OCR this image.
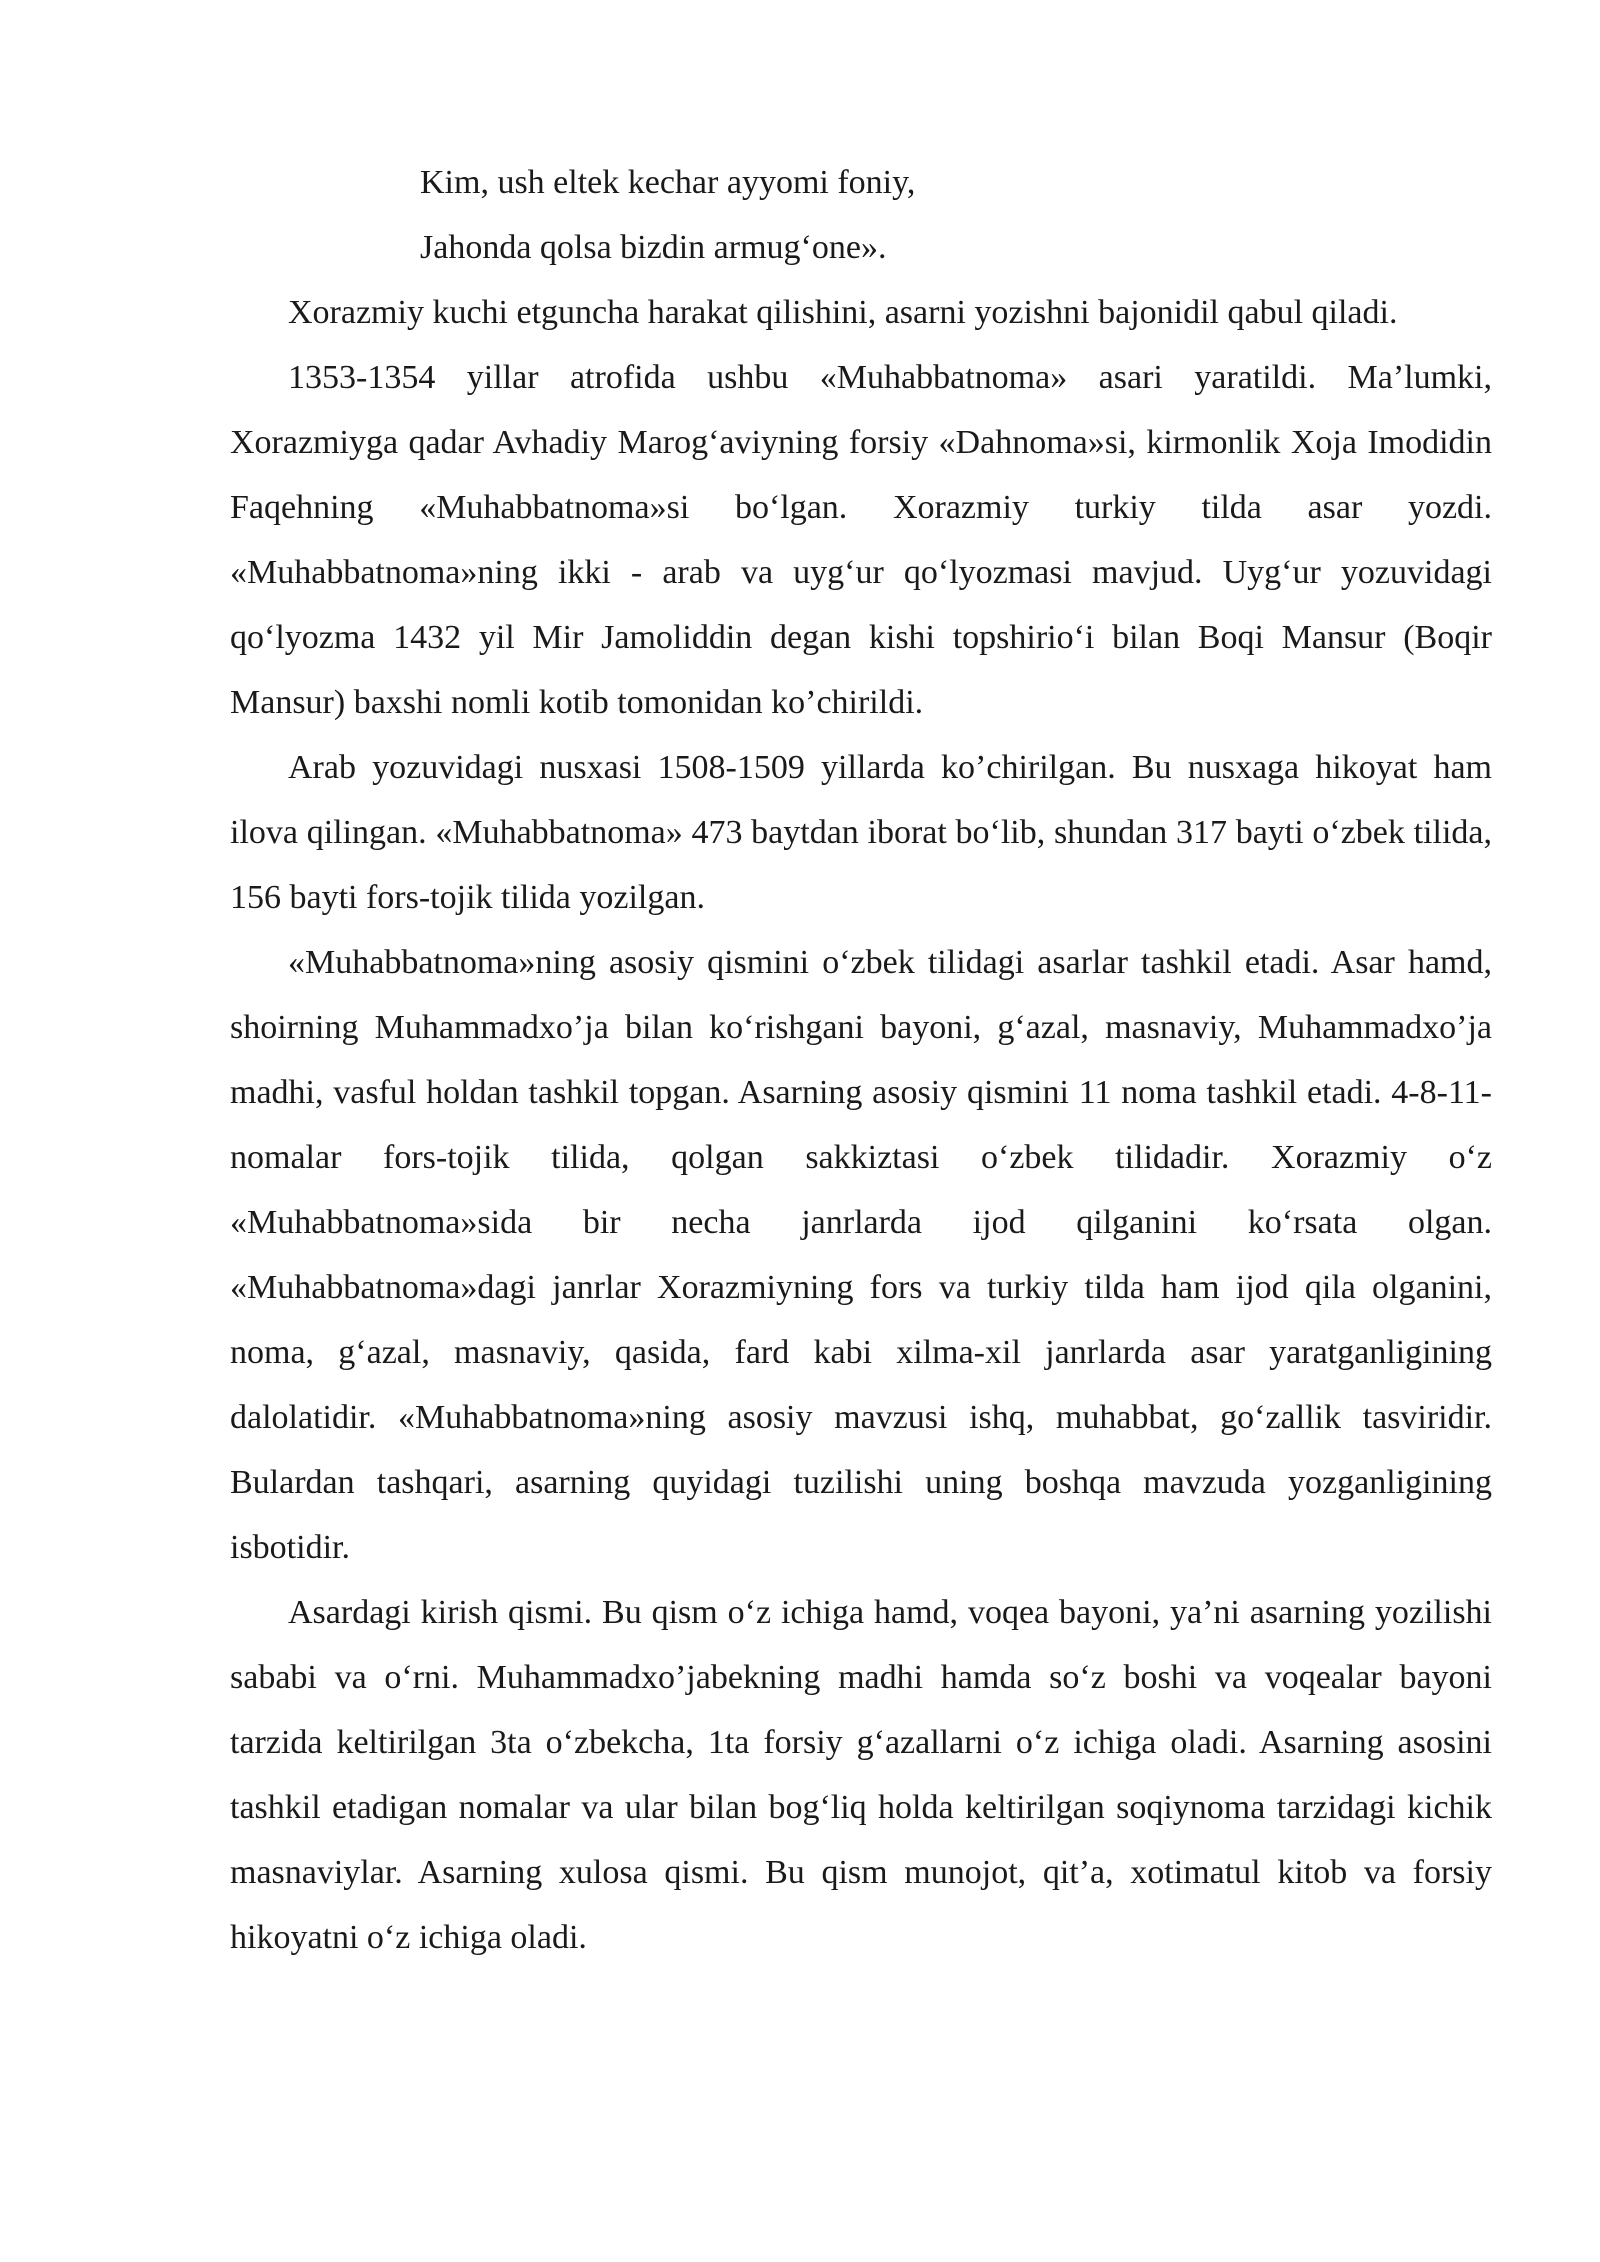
Kim, ush eltek kechar ayyomi foniy,

Jahonda qolsa bizdin armug‘one».

Xorazmiy kuchi etguncha harakat qilishini, asarni yozishni bajonidil qabul qiladi.

1353-1354 yillar atrofida ushbu «Muhabbatnoma» asari yaratildi. Ma’lumki, Xorazmiyga qadar Avhadiy Marog‘aviyning forsiy «Dahnoma»si, kirmonlik Xoja Imodidin Faqehning «Muhabbatnoma»si bo‘lgan. Xorazmiy turkiy tilda asar yozdi. «Muhabbatnoma»ning ikki - arab va uyg‘ur qo‘lyozmasi mavjud. Uyg‘ur yozuvidagi qo‘lyozma 1432 yil Mir Jamoliddin degan kishi topshirio‘i bilan Boqi Mansur (Boqir Mansur) baxshi nomli kotib tomonidan ko’chirildi.

Arab yozuvidagi nusxasi 1508-1509 yillarda ko’chirilgan. Bu nusxaga hikoyat ham ilova qilingan. «Muhabbatnoma» 473 baytdan iborat bo‘lib, shundan 317 bayti o‘zbek tilida, 156 bayti fors-tojik tilida yozilgan.

«Muhabbatnoma»ning asosiy qismini o‘zbek tilidagi asarlar tashkil etadi. Asar hamd, shoirning Muhammadxo’ja bilan ko‘rishgani bayoni, g‘azal, masnaviy, Muhammadxo’ja madhi, vasful holdan tashkil topgan. Asarning asosiy qismini 11 noma tashkil etadi. 4-8-11-nomalar fors-tojik tilida, qolgan sakkiztasi o‘zbek tilidadir. Xorazmiy o‘z «Muhabbatnoma»sida bir necha janrlarda ijod qilganini ko‘rsata olgan. «Muhabbatnoma»dagi janrlar Xorazmiyning fors va turkiy tilda ham ijod qila olganini, noma, g‘azal, masnaviy, qasida, fard kabi xilma-xil janrlarda asar yaratganligining dalolatidir. «Muhabbatnoma»ning asosiy mavzusi ishq, muhabbat, go‘zallik tasviridir. Bulardan tashqari, asarning quyidagi tuzilishi uning boshqa mavzuda yozganligining isbotidir.

Asardagi kirish qismi. Bu qism o‘z ichiga hamd, voqea bayoni, ya’ni asarning yozilishi sababi va o‘rni. Muhammadxo’jabekning madhi hamda so‘z boshi va voqealar bayoni tarzida keltirilgan 3ta o‘zbekcha, 1ta forsiy g‘azallarni o‘z ichiga oladi. Asarning asosini tashkil etadigan nomalar va ular bilan bog‘liq holda keltirilgan soqiynoma tarzidagi kichik masnaviylar. Asarning xulosa qismi. Bu qism munojot, qit’a, xotimatul kitob va forsiy hikoyatni o‘z ichiga oladi.
